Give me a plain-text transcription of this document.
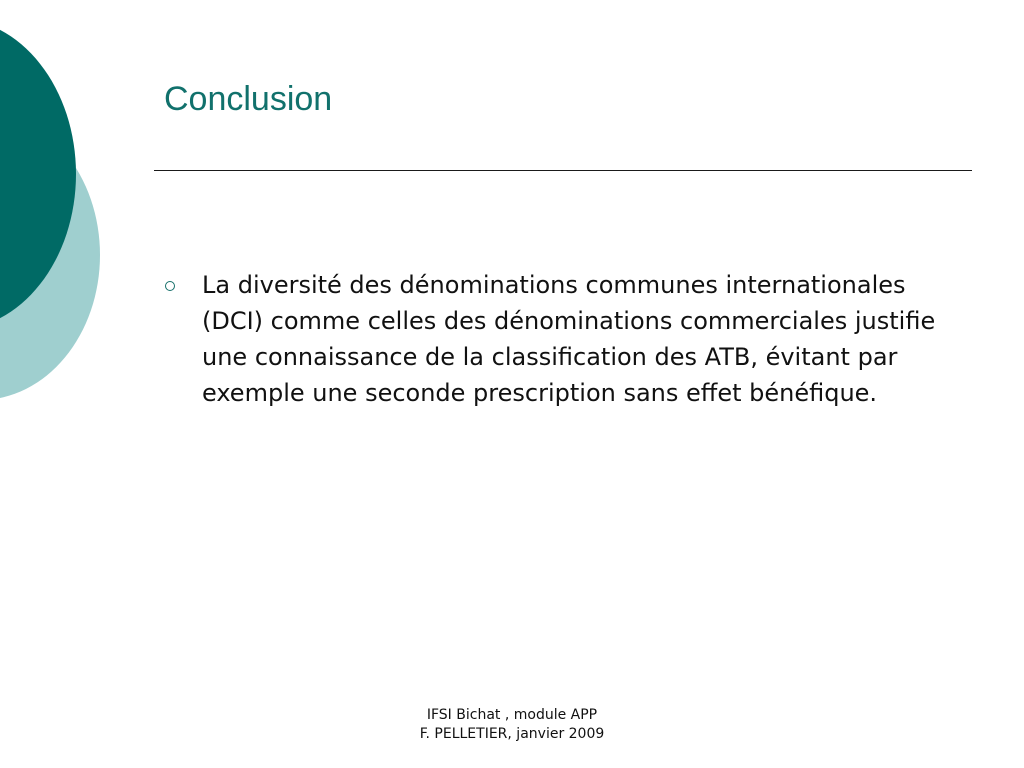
Conclusion
La diversité des dénominations communes internationales (DCI) comme celles des dénominations commerciales justifie une connaissance de la classification des ATB, évitant par exemple une seconde prescription sans effet bénéfique.
IFSI Bichat , module APP
F. PELLETIER, janvier 2009
